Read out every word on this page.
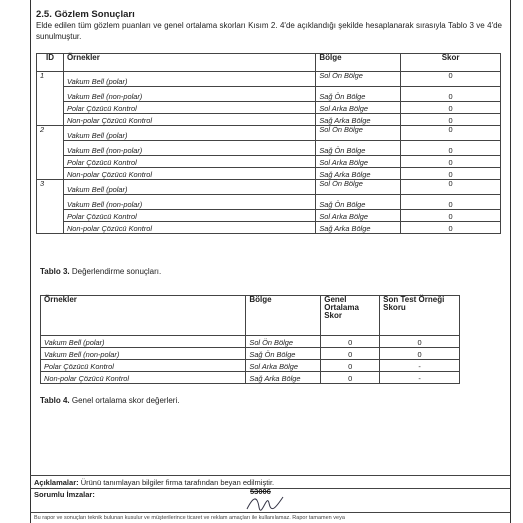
2.5. Gözlem Sonuçları
Elde edilen tüm gözlem puanları ve genel ortalama skorları Kısım 2. 4'de açıklandığı şekilde hesaplanarak sırasıyla Tablo 3 ve 4'de sunulmuştur.
ID	Örnekler	Bölge	Skor
1	Vakum Bell (polar)	Sol Ön Bölge	0
	Vakum Bell (non-polar)	Sağ Ön Bölge	0
	Polar Çözücü Kontrol	Sol Arka Bölge	0
	Non-polar Çözücü Kontrol	Sağ Arka Bölge	0
2	Vakum Bell (polar)	Sol Ön Bölge	0
	Vakum Bell (non-polar)	Sağ Ön Bölge	0
	Polar Çözücü Kontrol	Sol Arka Bölge	0
	Non-polar Çözücü Kontrol	Sağ Arka Bölge	0
3	Vakum Bell (polar)	Sol Ön Bölge	0
	Vakum Bell (non-polar)	Sağ Ön Bölge	0
	Polar Çözücü Kontrol	Sol Arka Bölge	0
	Non-polar Çözücü Kontrol	Sağ Arka Bölge	0
Tablo 3. Değerlendirme sonuçları.
Örnekler	Bölge	Genel Ortalama Skor	Son Test Örneği Skoru
Vakum Bell (polar)	Sol Ön Bölge	0	0
Vakum Bell (non-polar)	Sağ Ön Bölge	0	0
Polar Çözücü Kontrol	Sol Arka Bölge	0	-
Non-polar Çözücü Kontrol	Sağ Arka Bölge	0	-
Tablo 4. Genel ortalama skor değerleri.
Açıklamalar: Ürünü tanımlayan bilgiler firma tarafından beyan edilmiştir.
Sorumlu İmzalar:	53006
Bu rapor ve sonuçları teknik bulunan kusulur ve müşterilerince ticaret ve reklam amaçları ile kullanılamaz. Rapor tamamen veya
